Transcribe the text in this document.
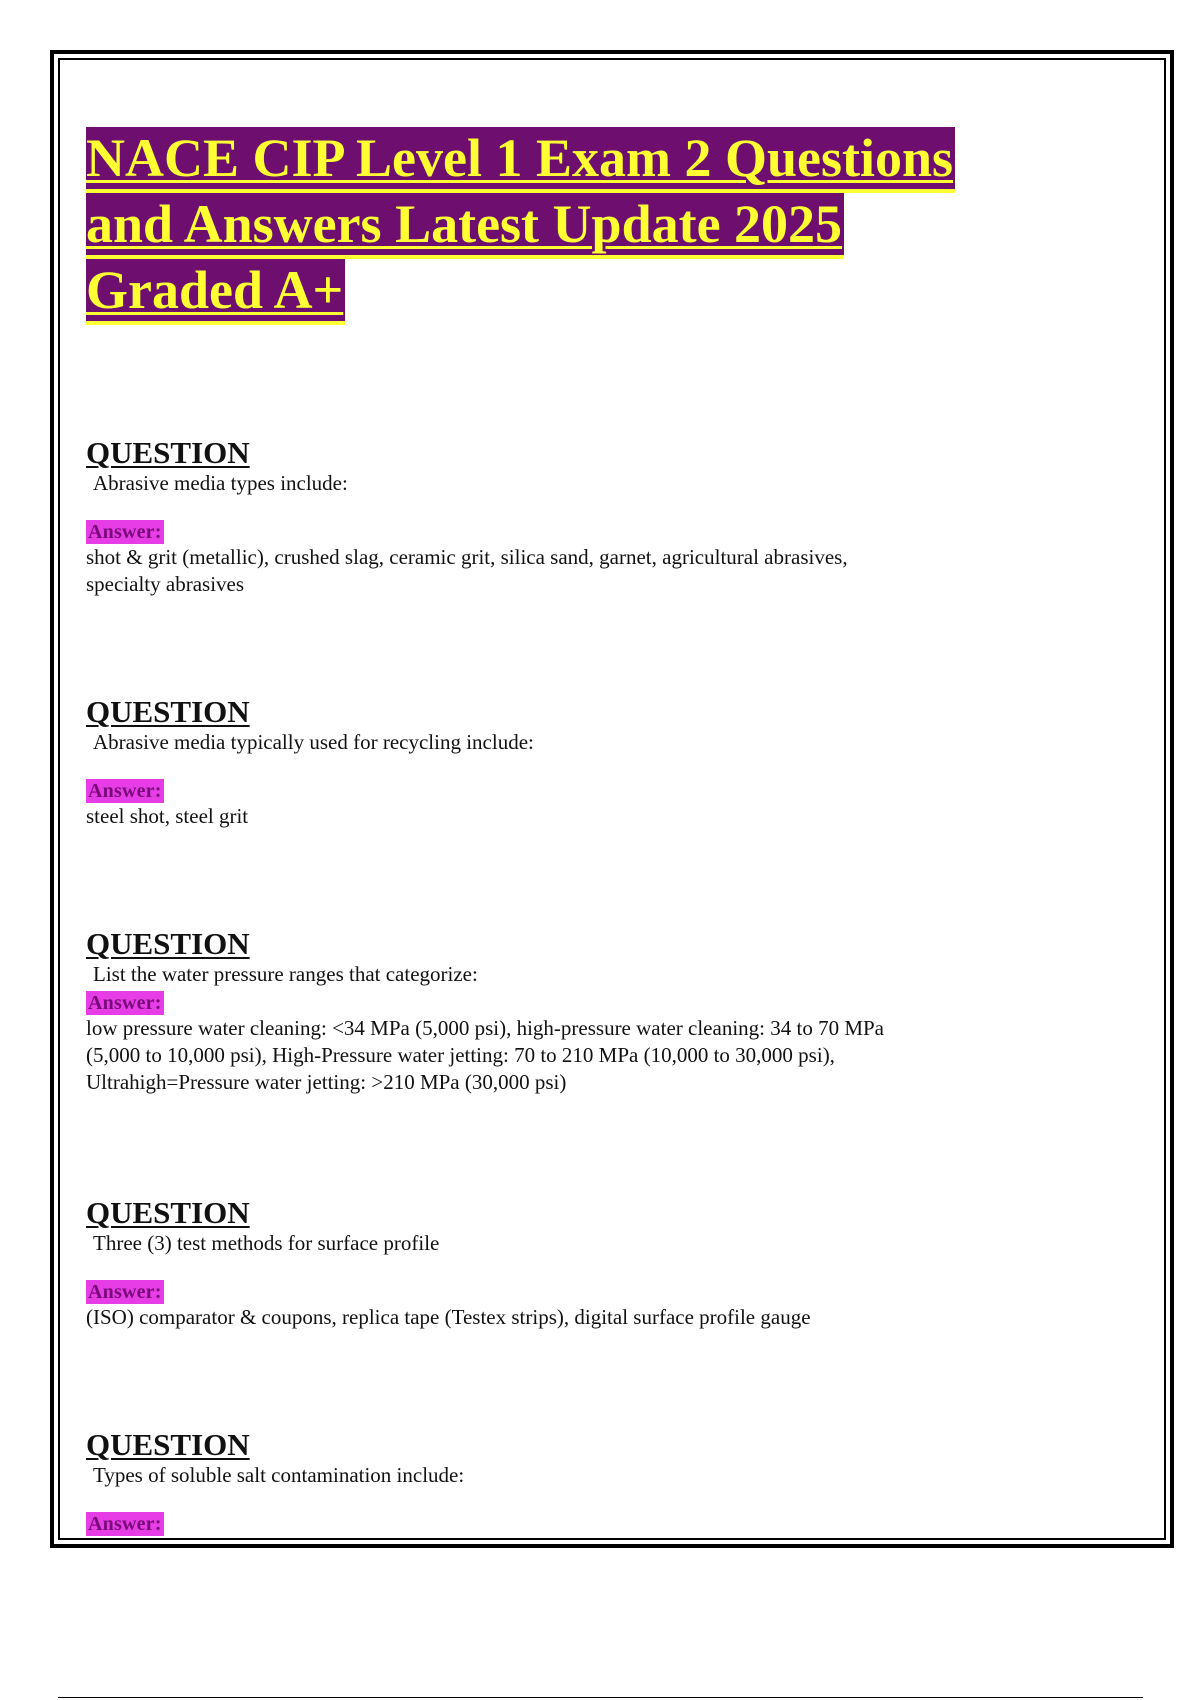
NACE CIP Level 1 Exam 2 Questions
and Answers Latest Update 2025
Graded A+
QUESTION

Abrasive media types include:

Answer:

shot & grit (metallic), crushed slag, ceramic grit, silica sand, garnet, agricultural abrasives,

specialty abrasives

QUESTION

Abrasive media typically used for recycling include:

Answer:

steel shot, steel grit

QUESTION

List the water pressure ranges that categorize:

Answer:

low pressure water cleaning: <34 MPa (5,000 psi), high-pressure water cleaning: 34 to 70 MPa

(5,000 to 10,000 psi), High-Pressure water jetting: 70 to 210 MPa (10,000 to 30,000 psi),

Ultrahigh=Pressure water jetting: >210 MPa (30,000 psi)

QUESTION

Three (3) test methods for surface profile

Answer:

(ISO) comparator & coupons, replica tape (Testex strips), digital surface profile gauge

QUESTION

Types of soluble salt contamination include:

Answer:
